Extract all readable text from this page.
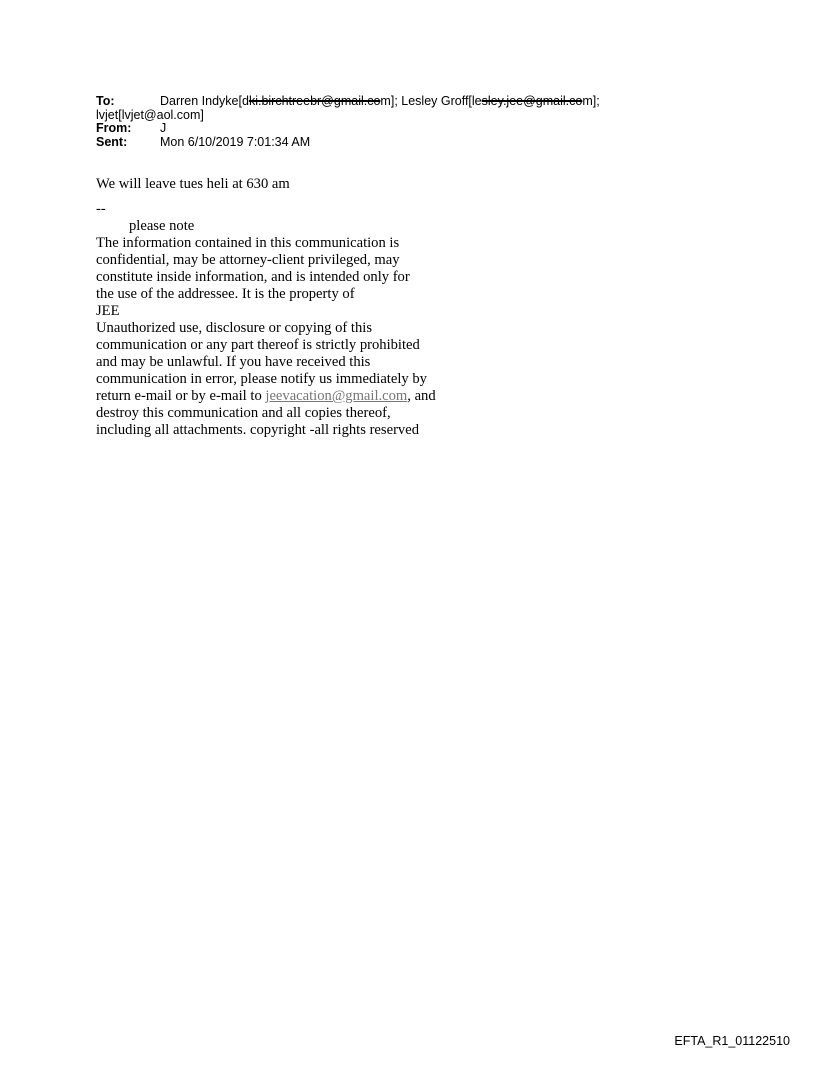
To:	Darren Indyke[dki.birchtreebr@gmail.com]; Lesley Groff[lesley.jee@gmail.com];
lvjet[lvjet@aol.com]
From: J
Sent:	Mon 6/10/2019 7:01:34 AM

We will leave tues heli at 630 am

--

please note

The information contained in this communication is

confidential, may be attorney-client privileged, may

constitute inside information, and is intended only for

the use of the addressee. It is the property of

JEE

Unauthorized use, disclosure or copying of this

communication or any part thereof is strictly prohibited

and may be unlawful. If you have received this

communication in error, please notify us immediately by

return e-mail or by e-mail to jeevacation@gmail.com, and

destroy this communication and all copies thereof,

including all attachments. copyright -all rights reserved

EFTA_R1_01122510
